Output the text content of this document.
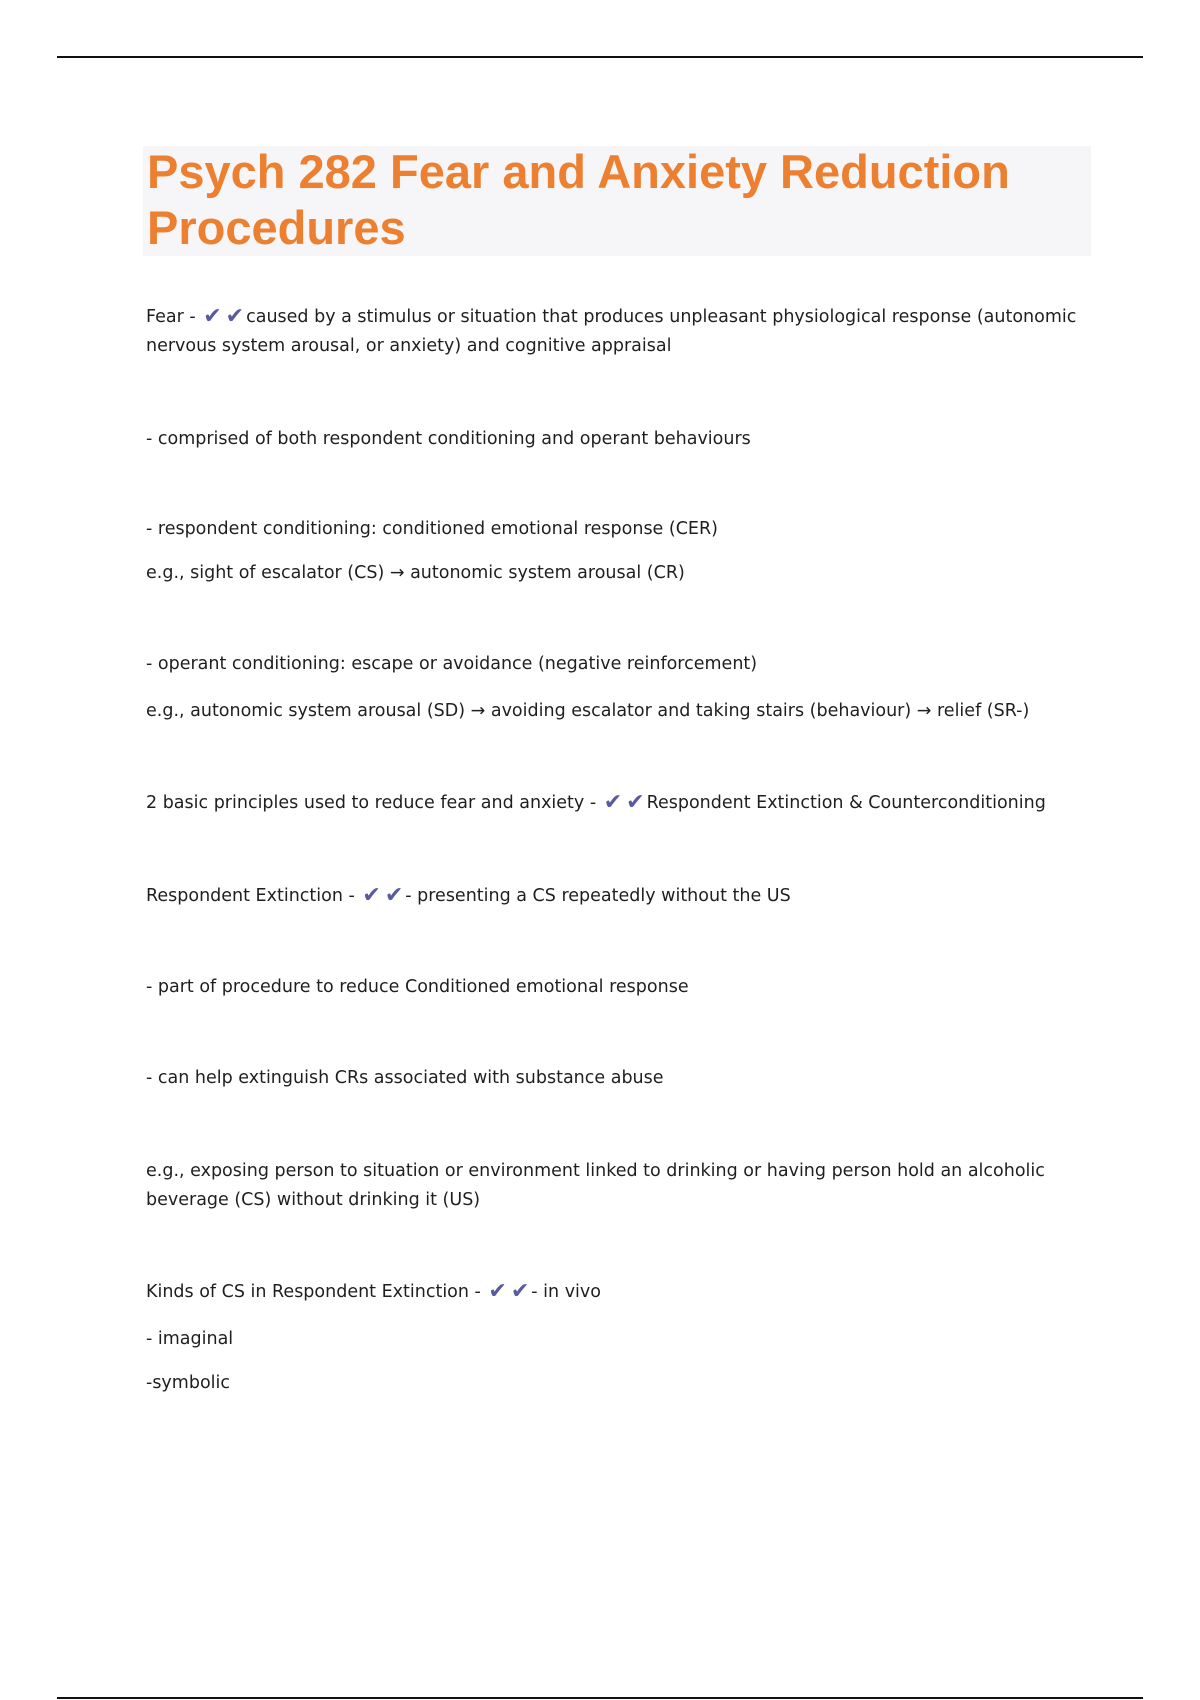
Psych 282 Fear and Anxiety Reduction Procedures
Fear - ✔ ✔ caused by a stimulus or situation that produces unpleasant physiological response (autonomic nervous system arousal, or anxiety) and cognitive appraisal
- comprised of both respondent conditioning and operant behaviours
- respondent conditioning: conditioned emotional response (CER)
e.g., sight of escalator (CS) → autonomic system arousal (CR)
- operant conditioning: escape or avoidance (negative reinforcement)
e.g., autonomic system arousal (SD) → avoiding escalator and taking stairs (behaviour) → relief (SR-)
2 basic principles used to reduce fear and anxiety - ✔ ✔ Respondent Extinction & Counterconditioning
Respondent Extinction - ✔ ✔ - presenting a CS repeatedly without the US
- part of procedure to reduce Conditioned emotional response
- can help extinguish CRs associated with substance abuse
e.g., exposing person to situation or environment linked to drinking or having person hold an alcoholic beverage (CS) without drinking it (US)
Kinds of CS in Respondent Extinction - ✔ ✔ - in vivo
- imaginal
-symbolic
